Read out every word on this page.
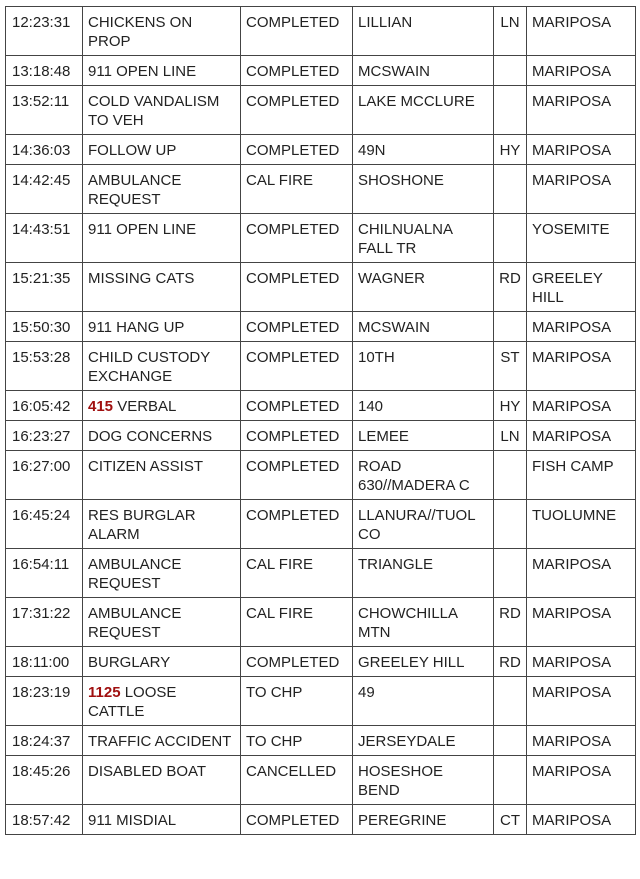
12:23:31	CHICKENS ON PROP	COMPLETED	LILLIAN	LN	MARIPOSA
13:18:48	911 OPEN LINE	COMPLETED	MCSWAIN		MARIPOSA
13:52:11	COLD VANDALISM TO VEH	COMPLETED	LAKE MCCLURE		MARIPOSA
14:36:03	FOLLOW UP	COMPLETED	49N	HY	MARIPOSA
14:42:45	AMBULANCE REQUEST	CAL FIRE	SHOSHONE		MARIPOSA
14:43:51	911 OPEN LINE	COMPLETED	CHILNUALNA FALL TR		YOSEMITE
15:21:35	MISSING CATS	COMPLETED	WAGNER	RD	GREELEY HILL
15:50:30	911 HANG UP	COMPLETED	MCSWAIN		MARIPOSA
15:53:28	CHILD CUSTODY EXCHANGE	COMPLETED	10TH	ST	MARIPOSA
16:05:42	415 VERBAL	COMPLETED	140	HY	MARIPOSA
16:23:27	DOG CONCERNS	COMPLETED	LEMEE	LN	MARIPOSA
16:27:00	CITIZEN ASSIST	COMPLETED	ROAD 630//MADERA C		FISH CAMP
16:45:24	RES BURGLAR ALARM	COMPLETED	LLANURA//TUOL CO		TUOLUMNE
16:54:11	AMBULANCE REQUEST	CAL FIRE	TRIANGLE		MARIPOSA
17:31:22	AMBULANCE REQUEST	CAL FIRE	CHOWCHILLA MTN	RD	MARIPOSA
18:11:00	BURGLARY	COMPLETED	GREELEY HILL	RD	MARIPOSA
18:23:19	1125 LOOSE CATTLE	TO CHP	49		MARIPOSA
18:24:37	TRAFFIC ACCIDENT	TO CHP	JERSEYDALE		MARIPOSA
18:45:26	DISABLED BOAT	CANCELLED	HOSESHOE BEND		MARIPOSA
18:57:42	911 MISDIAL	COMPLETED	PEREGRINE	CT	MARIPOSA
